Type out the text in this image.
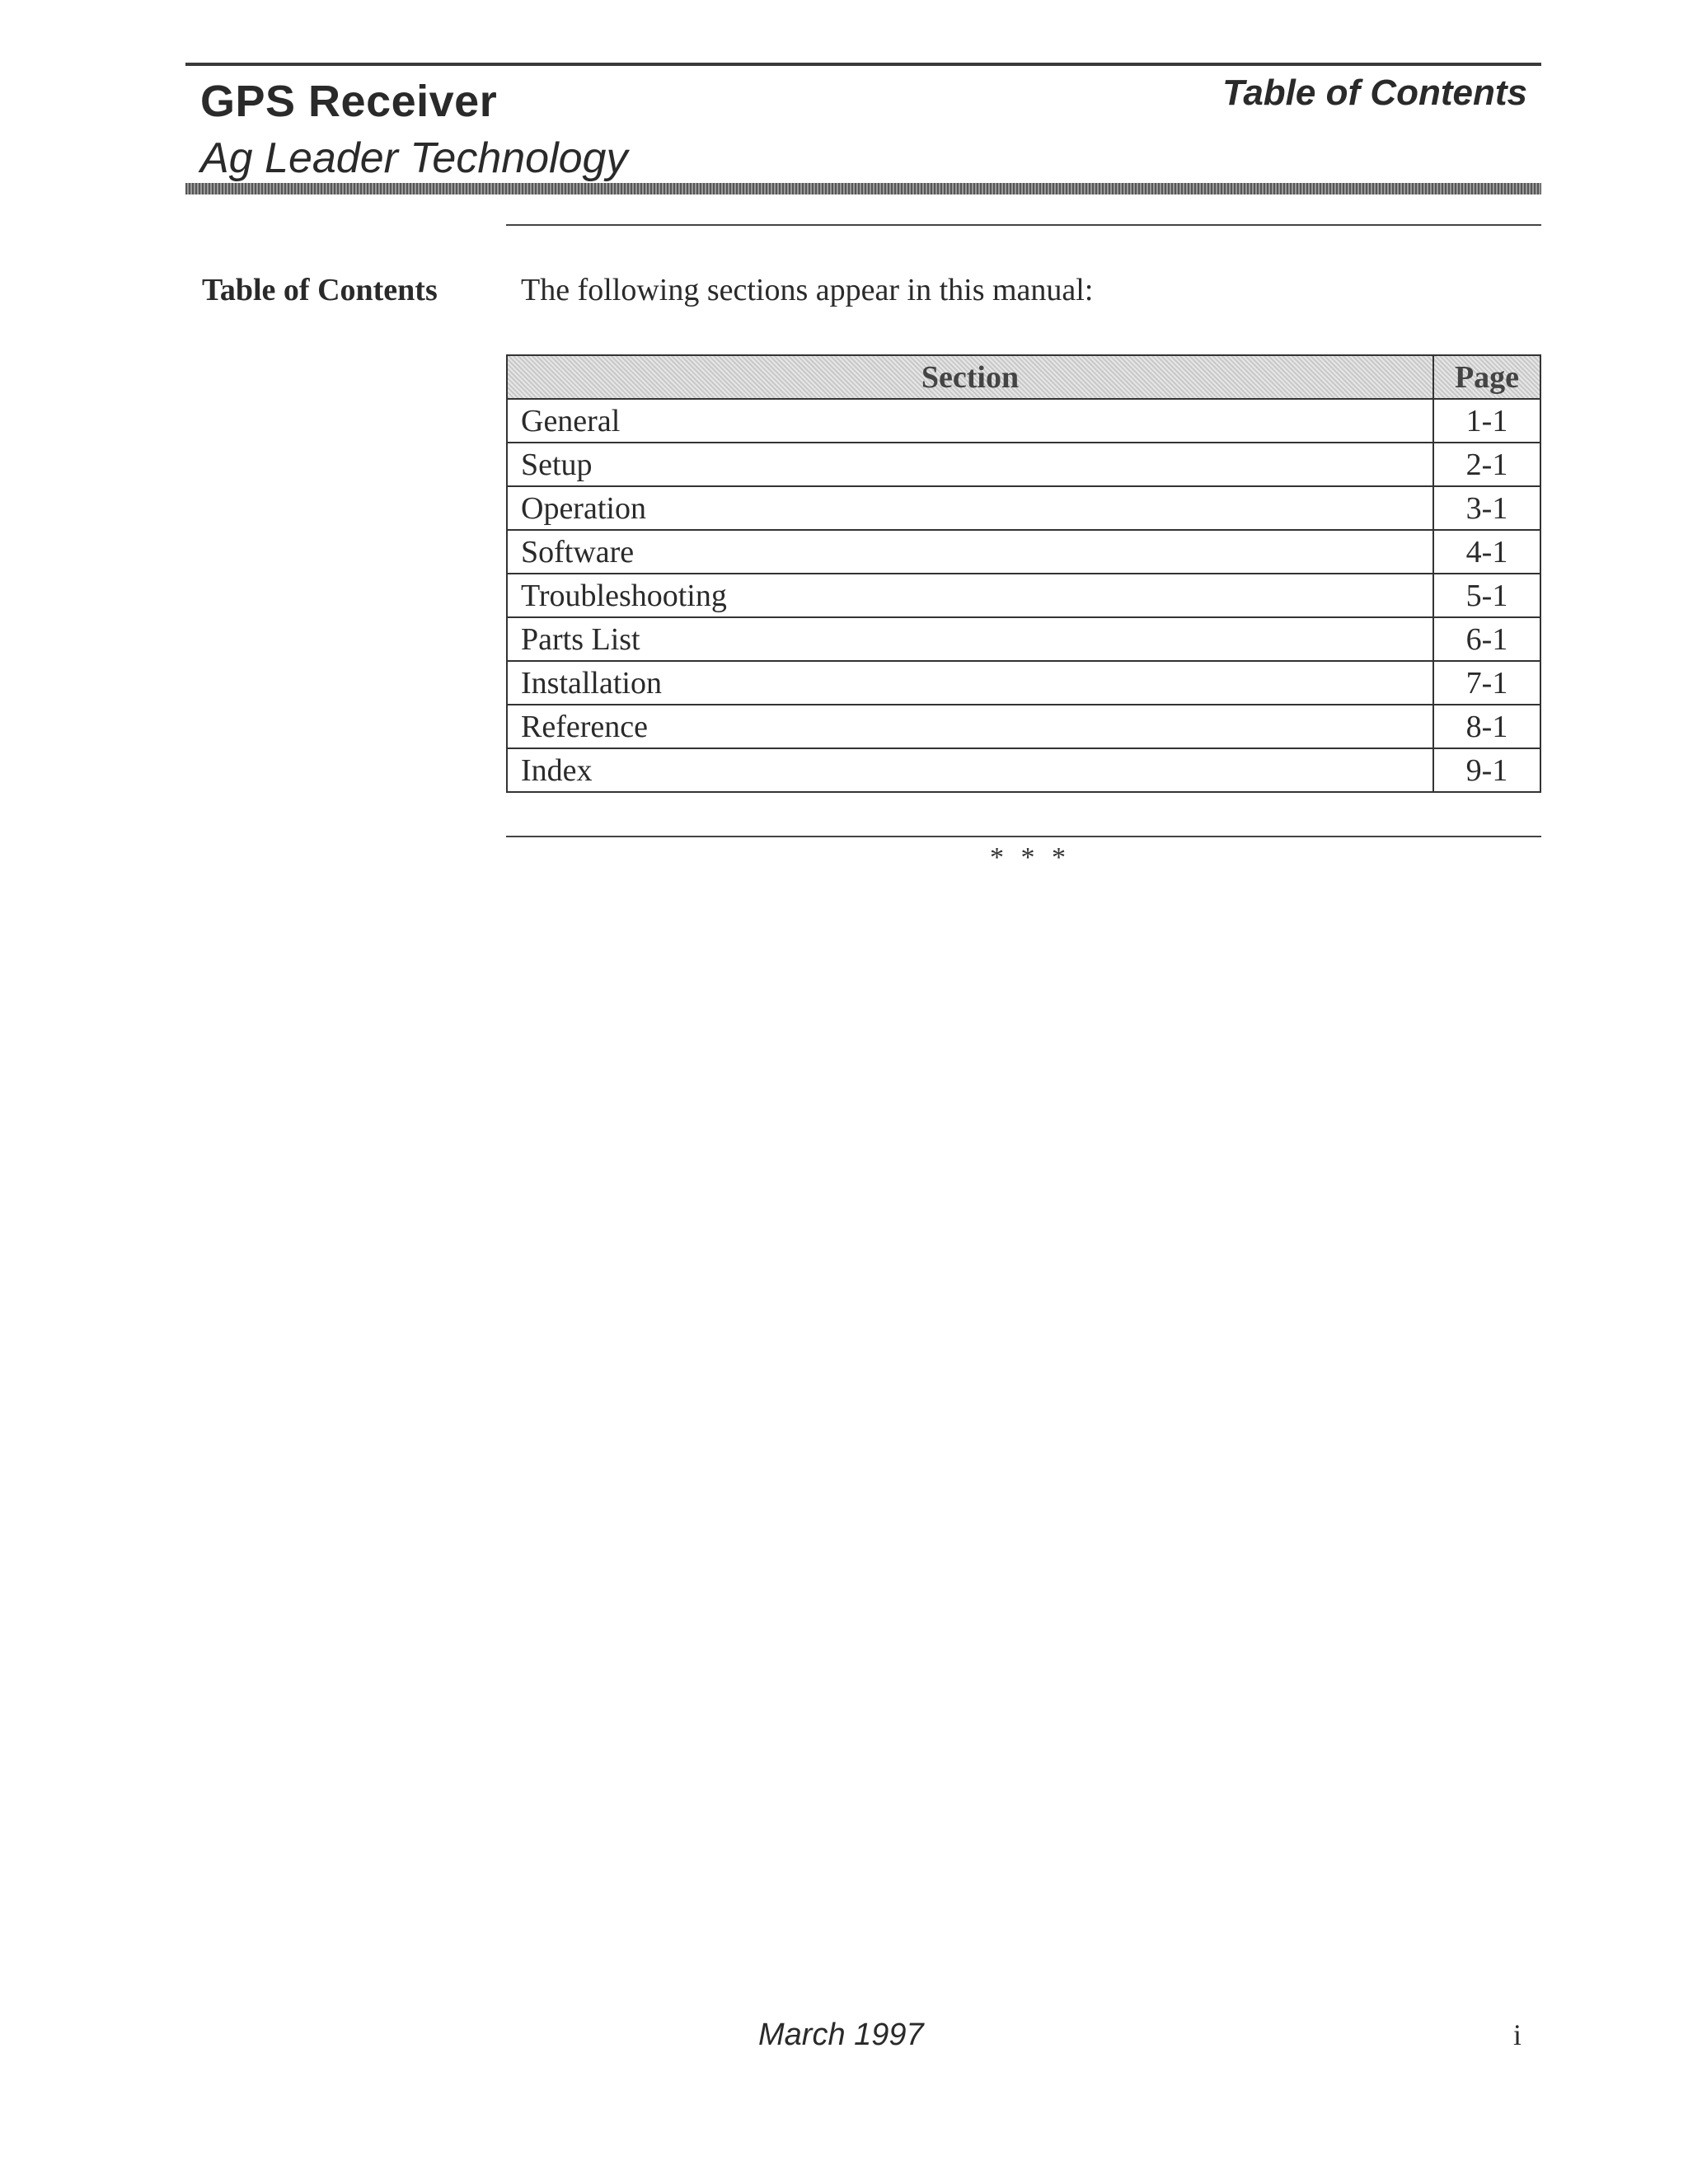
GPS Receiver
Ag Leader Technology
Table of Contents
Table of Contents	The following sections appear in this manual:
Section	Page
General	1-1
Setup	2-1
Operation	3-1
Software	4-1
Troubleshooting	5-1
Parts List	6-1
Installation	7-1
Reference	8-1
Index	9-1
* * *
March 1997	i
